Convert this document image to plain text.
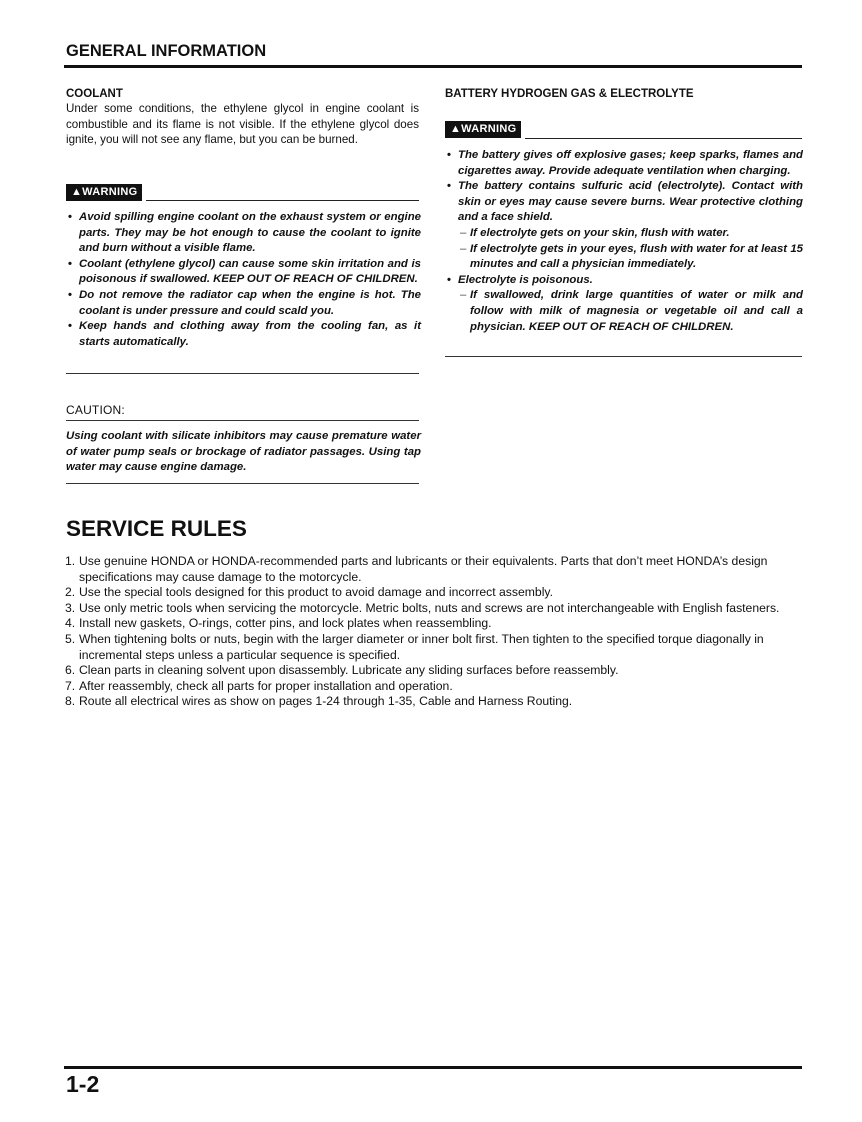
GENERAL INFORMATION
COOLANT
Under some conditions, the ethylene glycol in engine coolant is combustible and its flame is not visible. If the ethylene glycol does ignite, you will not see any flame, but you can be burned.
▲WARNING
• Avoid spilling engine coolant on the exhaust system or engine parts. They may be hot enough to cause the coolant to ignite and burn without a visible flame.
• Coolant (ethylene glycol) can cause some skin irritation and is poisonous if swallowed. KEEP OUT OF REACH OF CHILDREN.
• Do not remove the radiator cap when the engine is hot. The coolant is under pressure and could scald you.
• Keep hands and clothing away from the cooling fan, as it starts automatically.
CAUTION:
Using coolant with silicate inhibitors may cause premature water of water pump seals or brockage of radiator passages. Using tap water may cause engine damage.
BATTERY HYDROGEN GAS & ELECTROLYTE
▲WARNING
• The battery gives off explosive gases; keep sparks, flames and cigarettes away. Provide adequate ventilation when charging.
• The battery contains sulfuric acid (electrolyte). Contact with skin or eyes may cause severe burns. Wear protective clothing and a face shield.
– If electrolyte gets on your skin, flush with water.
– If electrolyte gets in your eyes, flush with water for at least 15 minutes and call a physician immediately.
• Electrolyte is poisonous.
– If swallowed, drink large quantities of water or milk and follow with milk of magnesia or vegetable oil and call a physician. KEEP OUT OF REACH OF CHILDREN.
SERVICE RULES
1. Use genuine HONDA or HONDA-recommended parts and lubricants or their equivalents. Parts that don’t meet HONDA’s design specifications may cause damage to the motorcycle.
2. Use the special tools designed for this product to avoid damage and incorrect assembly.
3. Use only metric tools when servicing the motorcycle. Metric bolts, nuts and screws are not interchangeable with English fasteners.
4. Install new gaskets, O-rings, cotter pins, and lock plates when reassembling.
5. When tightening bolts or nuts, begin with the larger diameter or inner bolt first. Then tighten to the specified torque diagonally in incremental steps unless a particular sequence is specified.
6. Clean parts in cleaning solvent upon disassembly. Lubricate any sliding surfaces before reassembly.
7. After reassembly, check all parts for proper installation and operation.
8. Route all electrical wires as show on pages 1-24 through 1-35, Cable and Harness Routing.
1-2
